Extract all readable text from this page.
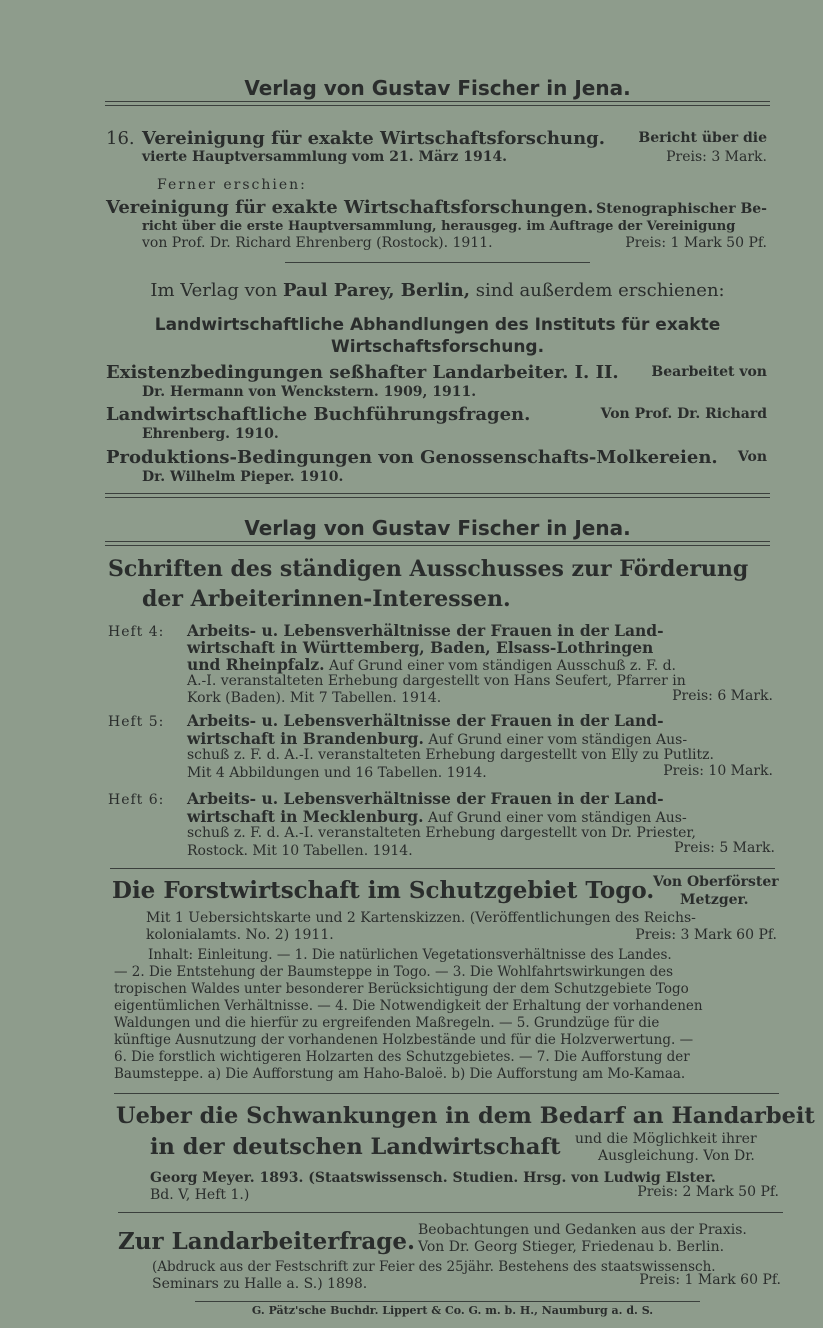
Verlag von Gustav Fischer in Jena.
16. Vereinigung für exakte Wirtschaftsforschung. Bericht über die
vierte Hauptversammlung vom 21. März 1914.	Preis: 3 Mark.
Ferner erschien:
Vereinigung für exakte Wirtschaftsforschungen. Stenographischer Be-
richt über die erste Hauptversammlung, herausgeg. im Auftrage der Vereinigung
von Prof. Dr. Richard Ehrenberg (Rostock). 1911.	Preis: 1 Mark 50 Pf.
Im Verlag von Paul Parey, Berlin, sind außerdem erschienen:
Landwirtschaftliche Abhandlungen des Instituts für exakte
Wirtschaftsforschung.
Existenzbedingungen seßhafter Landarbeiter. I. II. Bearbeitet von
Dr. Hermann von Wenckstern. 1909, 1911.
Landwirtschaftliche Buchführungsfragen.	Von Prof. Dr. Richard
Ehrenberg. 1910.
Produktions-Bedingungen von Genossenschafts-Molkereien. Von
Dr. Wilhelm Pieper. 1910.
Verlag von Gustav Fischer in Jena.
Schriften des ständigen Ausschusses zur Förderung
der Arbeiterinnen-Interessen.
Heft 4: Arbeits- u. Lebensverhältnisse der Frauen in der Land-
wirtschaft in Württemberg, Baden, Elsass-Lothringen
und Rheinpfalz. Auf Grund einer vom ständigen Ausschuß z. F. d.
A.-I. veranstalteten Erhebung dargestellt von Hans Seufert, Pfarrer in
Kork (Baden). Mit 7 Tabellen. 1914.	Preis: 6 Mark.
Heft 5: Arbeits- u. Lebensverhältnisse der Frauen in der Land-
wirtschaft in Brandenburg. Auf Grund einer vom ständigen Aus-
schuß z. F. d. A.-I. veranstalteten Erhebung dargestellt von Elly zu Putlitz.
Mit 4 Abbildungen und 16 Tabellen. 1914.	Preis: 10 Mark.
Heft 6: Arbeits- u. Lebensverhältnisse der Frauen in der Land-
wirtschaft in Mecklenburg. Auf Grund einer vom ständigen Aus-
schuß z. F. d. A.-I. veranstalteten Erhebung dargestellt von Dr. Priester,
Rostock. Mit 10 Tabellen. 1914.	Preis: 5 Mark.
Die Forstwirtschaft im Schutzgebiet Togo.
Von Oberförster
Metzger.
Mit 1 Uebersichtskarte und 2 Kartenskizzen. (Veröffentlichungen des Reichs-
kolonialamts. No. 2) 1911.	Preis: 3 Mark 60 Pf.
Inhalt: Einleitung. — 1. Die natürlichen Vegetationsverhältnisse des Landes.
— 2. Die Entstehung der Baumsteppe in Togo. — 3. Die Wohlfahrtswirkungen des
tropischen Waldes unter besonderer Berücksichtigung der dem Schutzgebiete Togo
eigentümlichen Verhältnisse. — 4. Die Notwendigkeit der Erhaltung der vorhandenen
Waldungen und die hierfür zu ergreifenden Maßregeln. — 5. Grundzüge für die
künftige Ausnutzung der vorhandenen Holzbestände und für die Holzverwertung. —
6. Die forstlich wichtigeren Holzarten des Schutzgebietes. — 7. Die Aufforstung der
Baumsteppe. a) Die Aufforstung am Haho-Baloë. b) Die Aufforstung am Mo-Kamaa.
Ueber die Schwankungen in dem Bedarf an Handarbeit
in der deutschen Landwirtschaft und die Möglichkeit ihrer
Ausgleichung. Von Dr.
Georg Meyer. 1893. (Staatswissensch. Studien. Hrsg. von Ludwig Elster.
Bd. V, Heft 1.)	Preis: 2 Mark 50 Pf.
Zur Landarbeiterfrage. Beobachtungen und Gedanken aus der Praxis.
Von Dr. Georg Stieger, Friedenau b. Berlin.
(Abdruck aus der Festschrift zur Feier des 25jähr. Bestehens des staatswissensch.
Seminars zu Halle a. S.) 1898.	Preis: 1 Mark 60 Pf.
G. Pätz'sche Buchdr. Lippert & Co. G. m. b. H., Naumburg a. d. S.
